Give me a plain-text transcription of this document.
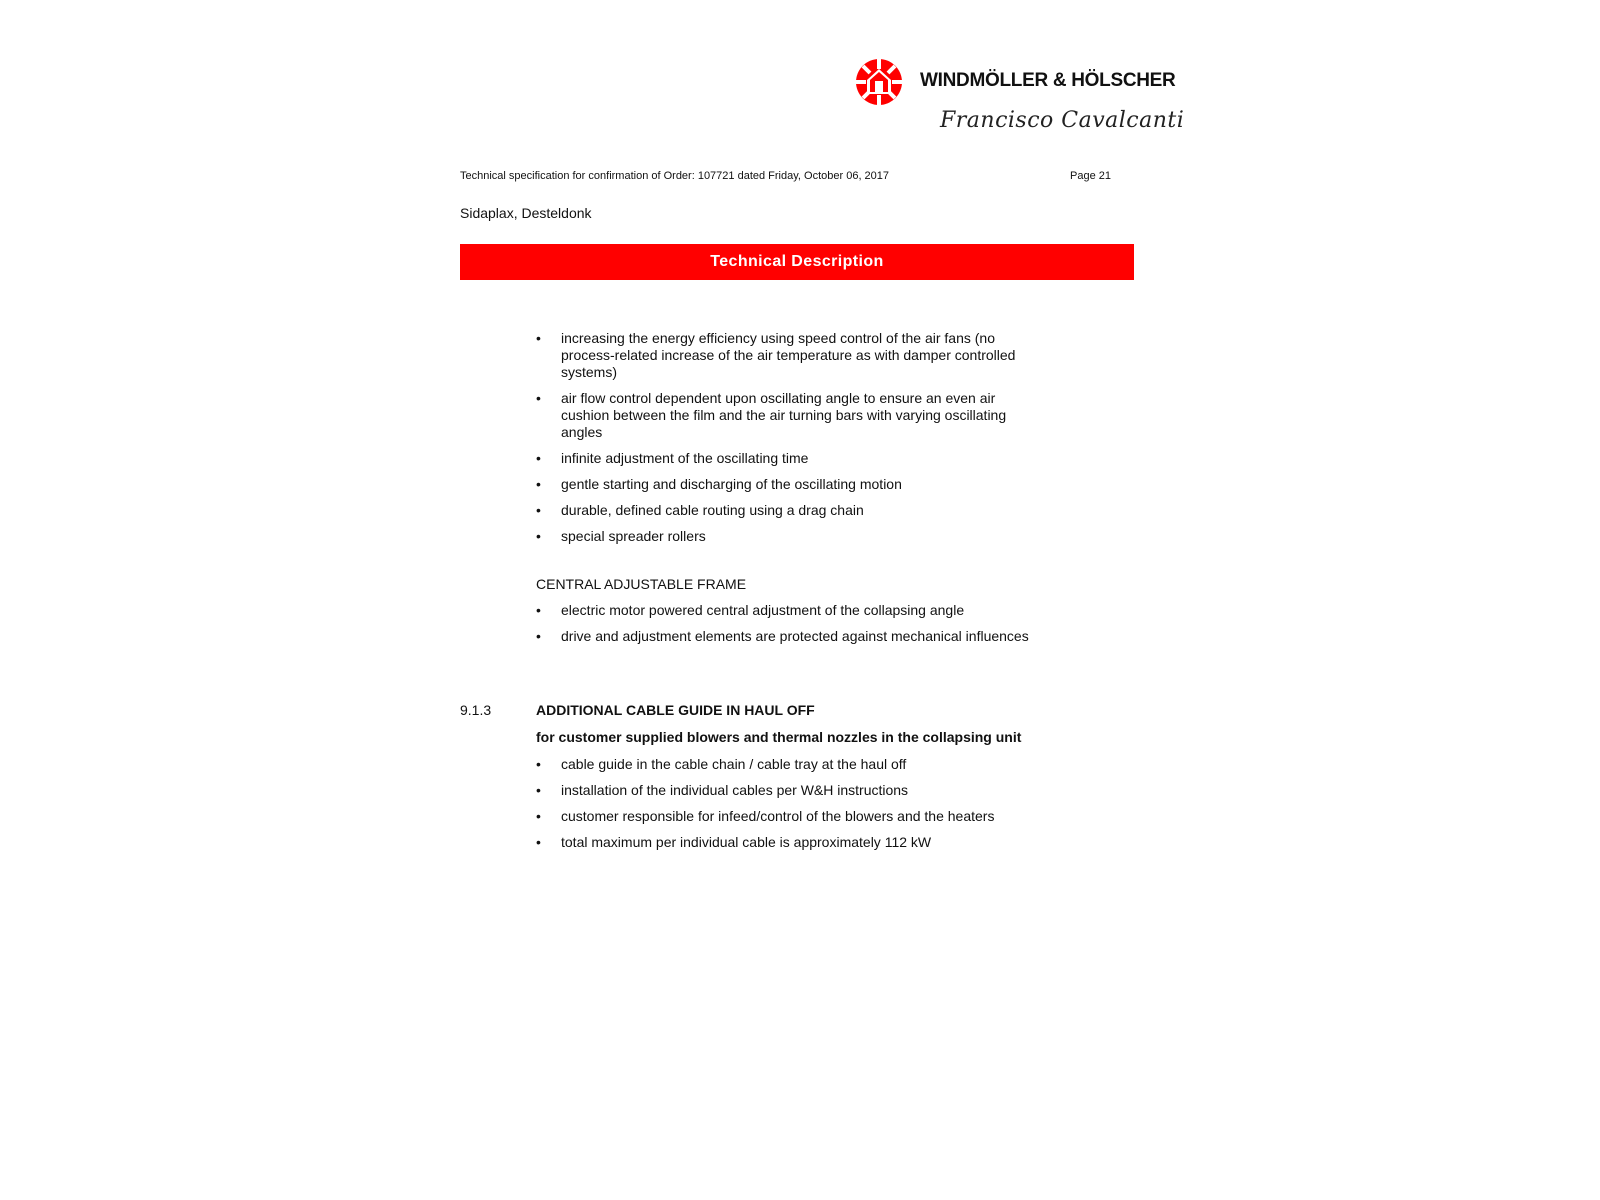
WINDMÖLLER & HÖLSCHER
Francisco Cavalcanti
Technical specification for confirmation of Order: 107721 dated Friday, October 06, 2017	Page 21
Sidaplax, Desteldonk
Technical Description
• increasing the energy efficiency using speed control of the air fans (no process-related increase of the air temperature as with damper controlled systems)
• air flow control dependent upon oscillating angle to ensure an even air cushion between the film and the air turning bars with varying oscillating angles
• infinite adjustment of the oscillating time
• gentle starting and discharging of the oscillating motion
• durable, defined cable routing using a drag chain
• special spreader rollers
CENTRAL ADJUSTABLE FRAME
• electric motor powered central adjustment of the collapsing angle
• drive and adjustment elements are protected against mechanical influences
9.1.3	ADDITIONAL CABLE GUIDE IN HAUL OFF
for customer supplied blowers and thermal nozzles in the collapsing unit
• cable guide in the cable chain / cable tray at the haul off
• installation of the individual cables per W&H instructions
• customer responsible for infeed/control of the blowers and the heaters
• total maximum per individual cable is approximately 112 kW
